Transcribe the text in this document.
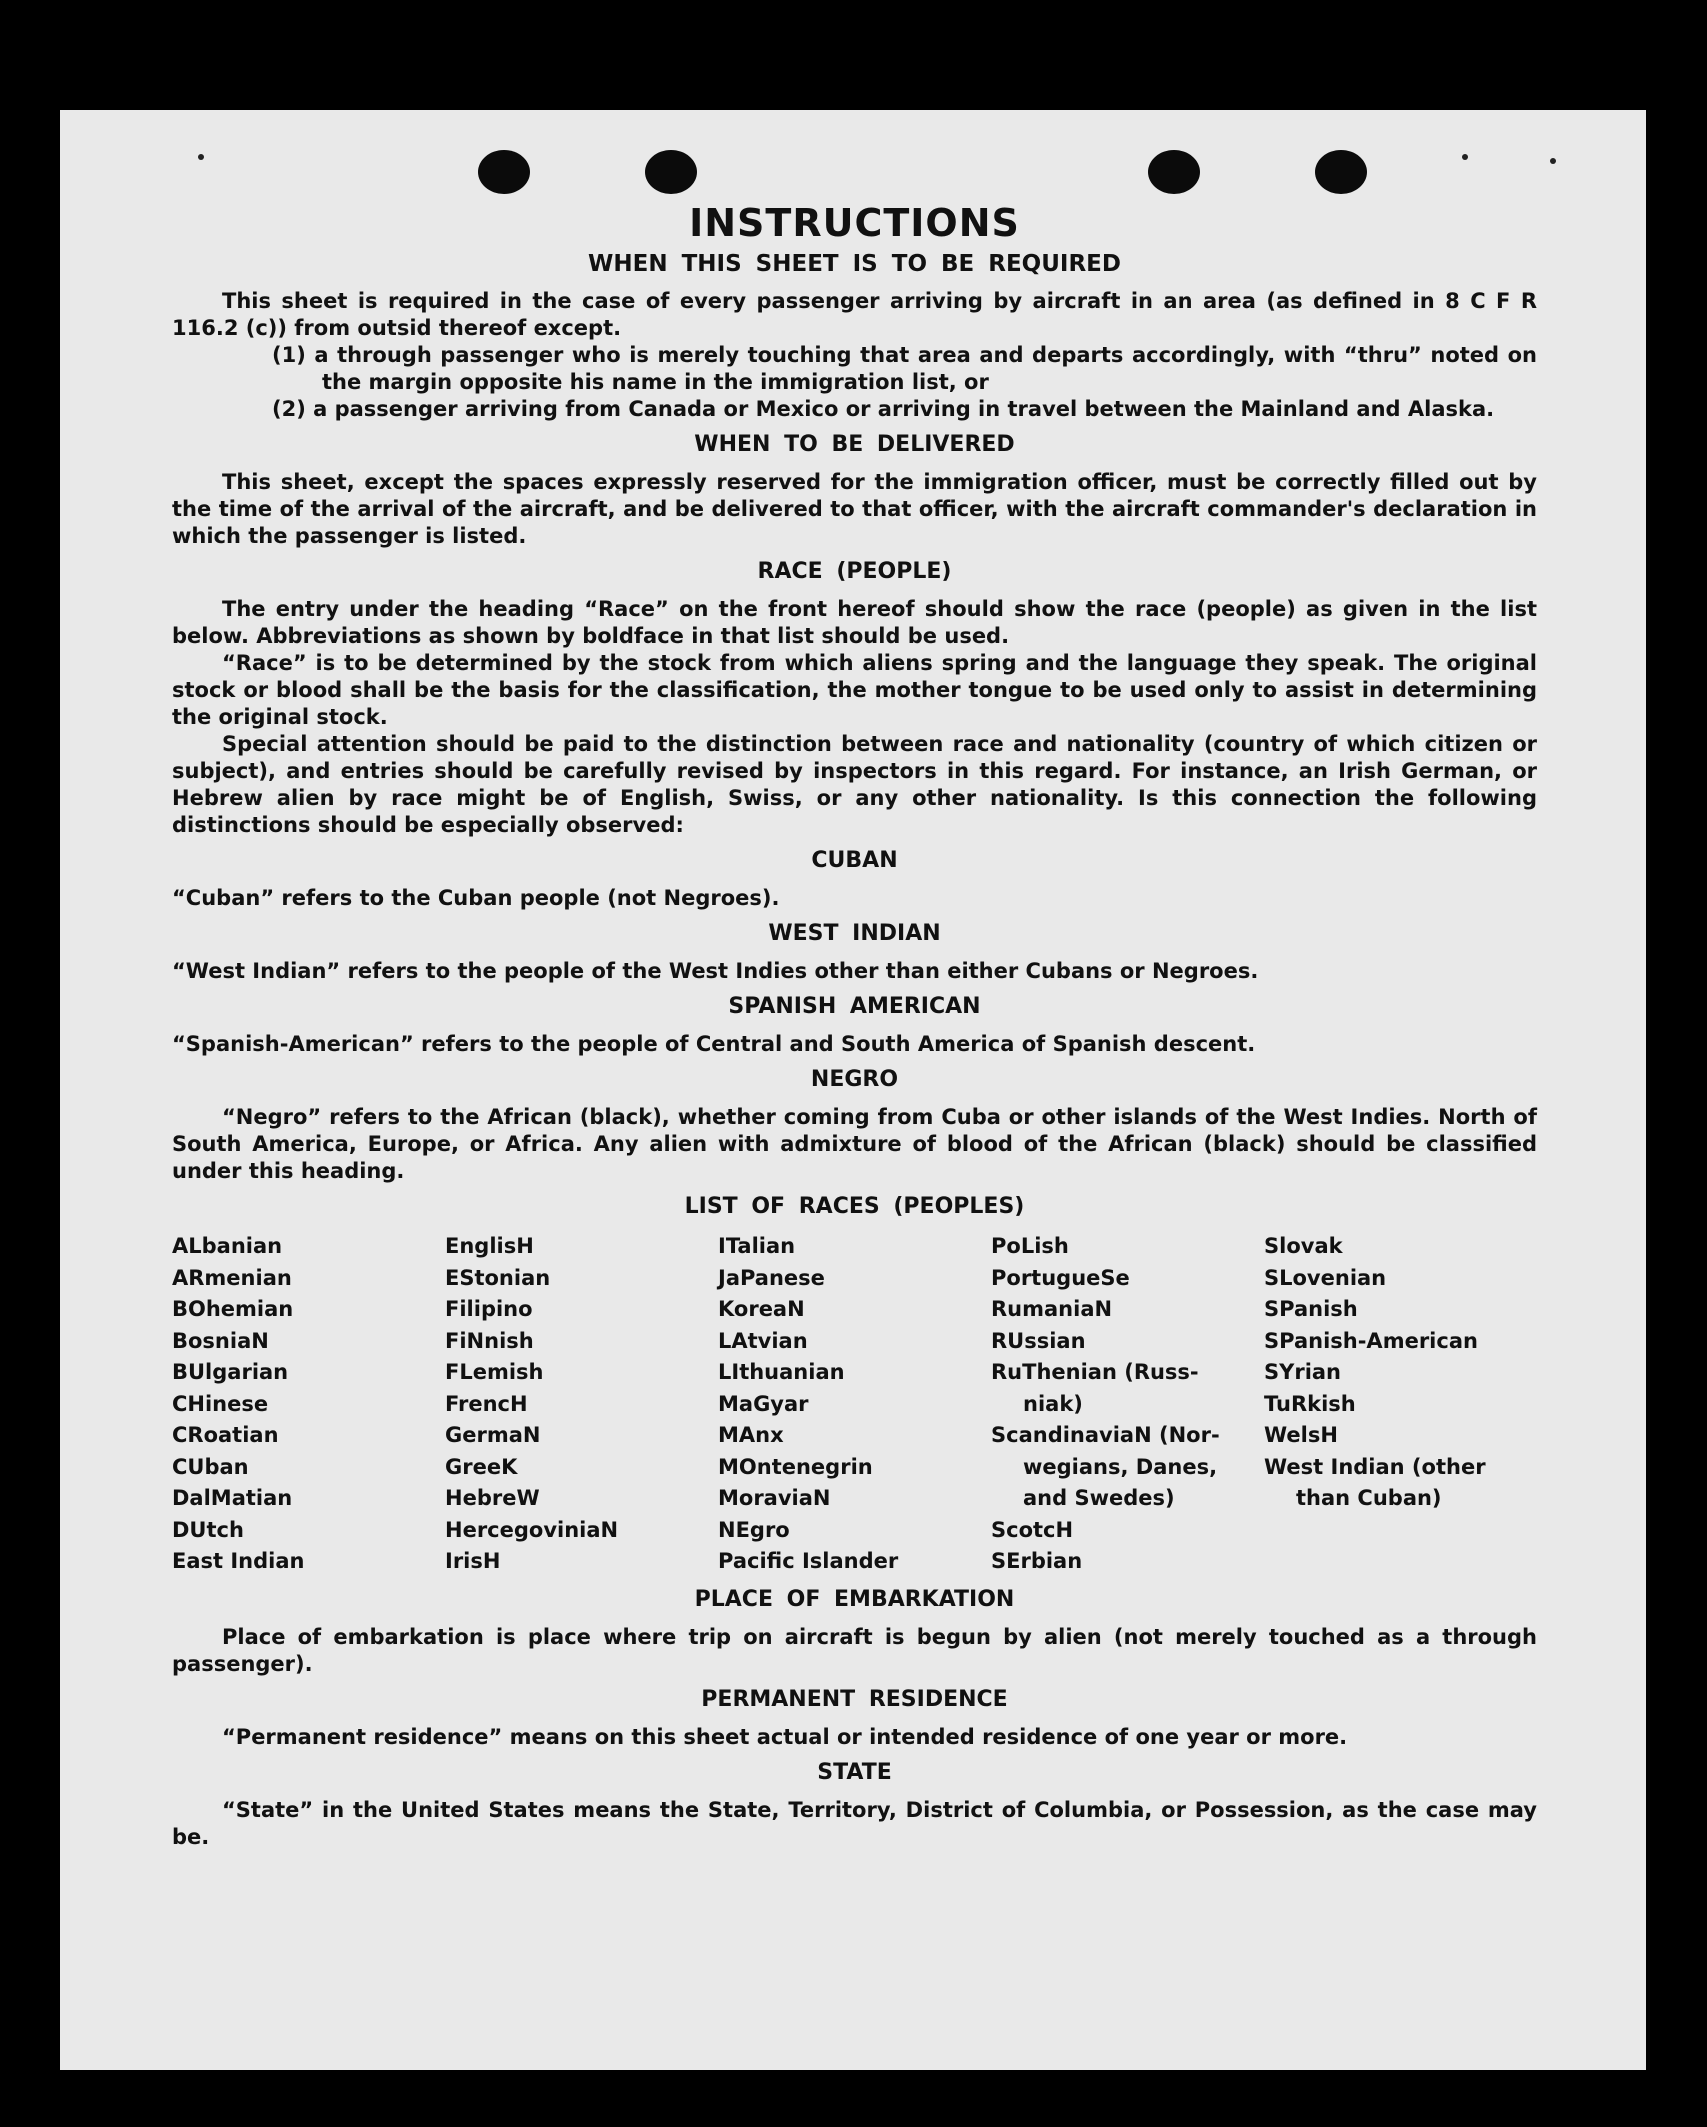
INSTRUCTIONS
WHEN THIS SHEET IS TO BE REQUIRED

This sheet is required in the case of every passenger arriving by aircraft in an area (as defined in 8 C F R 116.2 (c)) from outsid thereof except.

(1) a through passenger who is merely touching that area and departs accordingly, with “thru” noted on the margin opposite his name in the immigration list, or

(2) a passenger arriving from Canada or Mexico or arriving in travel between the Mainland and Alaska.

WHEN TO BE DELIVERED

This sheet, except the spaces expressly reserved for the immigration officer, must be correctly filled out by the time of the arrival of the aircraft, and be delivered to that officer, with the aircraft commander's declaration in which the passenger is listed.

RACE (PEOPLE)

The entry under the heading “Race” on the front hereof should show the race (people) as given in the list below. Abbreviations as shown by boldface in that list should be used.

“Race” is to be determined by the stock from which aliens spring and the language they speak. The original stock or blood shall be the basis for the classification, the mother tongue to be used only to assist in determining the original stock.

Special attention should be paid to the distinction between race and nationality (country of which citizen or subject), and entries should be carefully revised by inspectors in this regard. For instance, an Irish German, or Hebrew alien by race might be of English, Swiss, or any other nationality. Is this connection the following distinctions should be especially observed:

CUBAN

“Cuban” refers to the Cuban people (not Negroes).

WEST INDIAN

“West Indian” refers to the people of the West Indies other than either Cubans or Negroes.

SPANISH AMERICAN

“Spanish-American” refers to the people of Central and South America of Spanish descent.

NEGRO

“Negro” refers to the African (black), whether coming from Cuba or other islands of the West Indies. North of South America, Europe, or Africa. Any alien with admixture of blood of the African (black) should be classified under this heading.

LIST OF RACES (PEOPLES)
ALbanian
ARmenian
BOhemian
BosniaN
BUlgarian
CHinese
CRoatian
CUban
DalMatian
DUtch
East Indian
EnglisH
EStonian
Filipino
FiNnish
FLemish
FrencH
GermaN
GreeK
HebreW
HercegoviniaN
IrisH
ITalian
JaPanese
KoreaN
LAtvian
LIthuanian
MaGyar
MAnx
MOntenegrin
MoraviaN
NEgro
Pacific Islander
PoLish
PortugueSe
RumaniaN
RUssian
RuThenian (Russ-
niak)
ScandinaviaN (Nor-
wegians, Danes,
and Swedes)
ScotcH
SErbian
Slovak
SLovenian
SPanish
SPanish-American
SYrian
TuRkish
WelsH
West Indian (other
than Cuban)
PLACE OF EMBARKATION

Place of embarkation is place where trip on aircraft is begun by alien (not merely touched as a through passenger).

PERMANENT RESIDENCE

“Permanent residence” means on this sheet actual or intended residence of one year or more.

STATE

“State” in the United States means the State, Territory, District of Columbia, or Possession, as the case may be.
